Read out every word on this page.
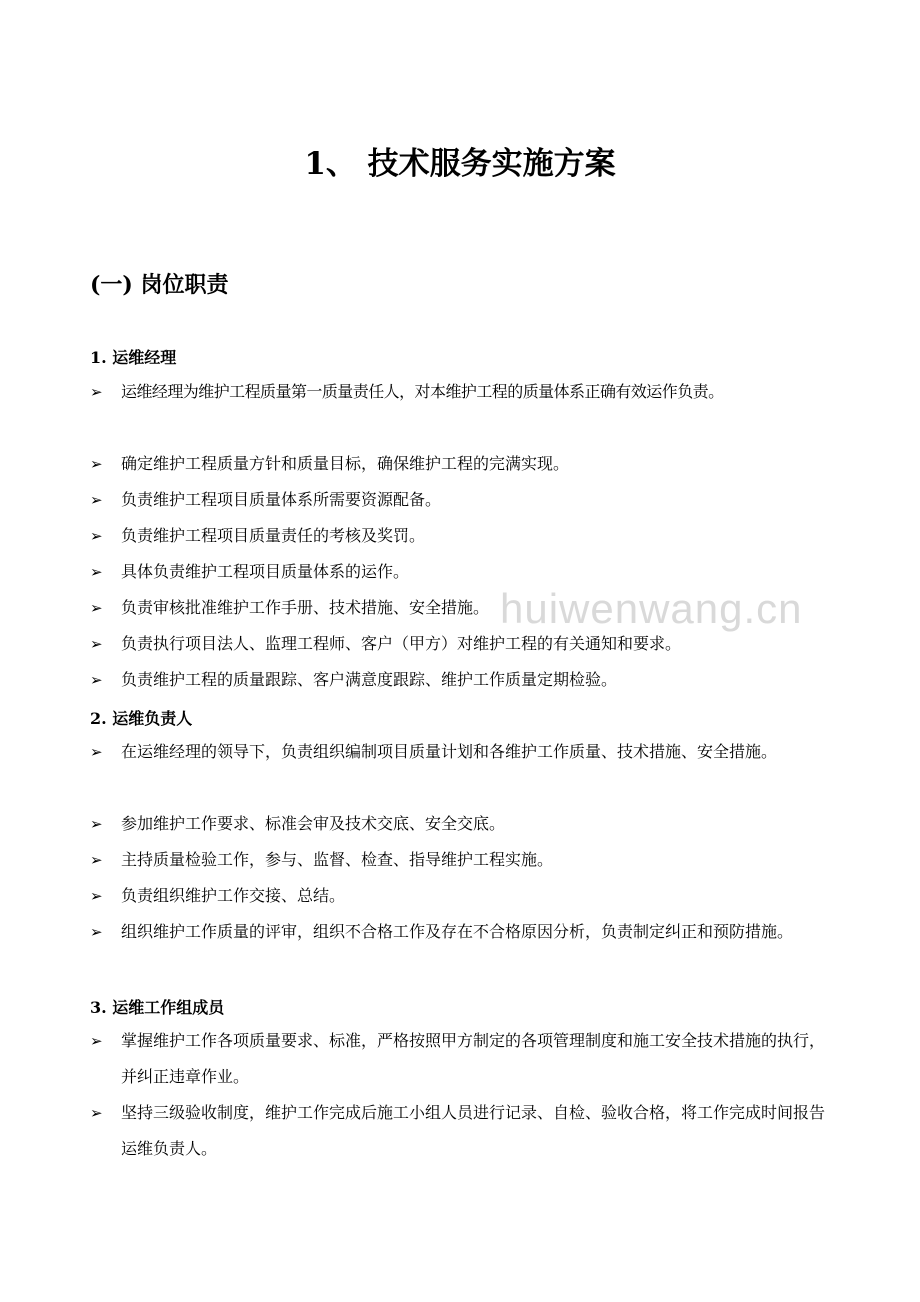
huiwenwang.cn
1、 技术服务实施方案
(一) 岗位职责
1. 运维经理
➢	运维经理为维护工程质量第一质量责任人，对本维护工程的质量体系正确有效运作负责。
➢	确定维护工程质量方针和质量目标，确保维护工程的完满实现。
➢	负责维护工程项目质量体系所需要资源配备。
➢	负责维护工程项目质量责任的考核及奖罚。
➢	具体负责维护工程项目质量体系的运作。
➢	负责审核批准维护工作手册、技术措施、安全措施。
➢	负责执行项目法人、监理工程师、客户（甲方）对维护工程的有关通知和要求。
➢	负责维护工程的质量跟踪、客户满意度跟踪、维护工作质量定期检验。
2. 运维负责人
➢	在运维经理的领导下，负责组织编制项目质量计划和各维护工作质量、技术措施、安全措施。
➢	参加维护工作要求、标准会审及技术交底、安全交底。
➢	主持质量检验工作，参与、监督、检查、指导维护工程实施。
➢	负责组织维护工作交接、总结。
➢	组织维护工作质量的评审，组织不合格工作及存在不合格原因分析，负责制定纠正和预防措施。
3. 运维工作组成员
➢	掌握维护工作各项质量要求、标准，严格按照甲方制定的各项管理制度和施工安全技术措施的执行，并纠正违章作业。
➢	坚持三级验收制度，维护工作完成后施工小组人员进行记录、自检、验收合格，将工作完成时间报告运维负责人。
